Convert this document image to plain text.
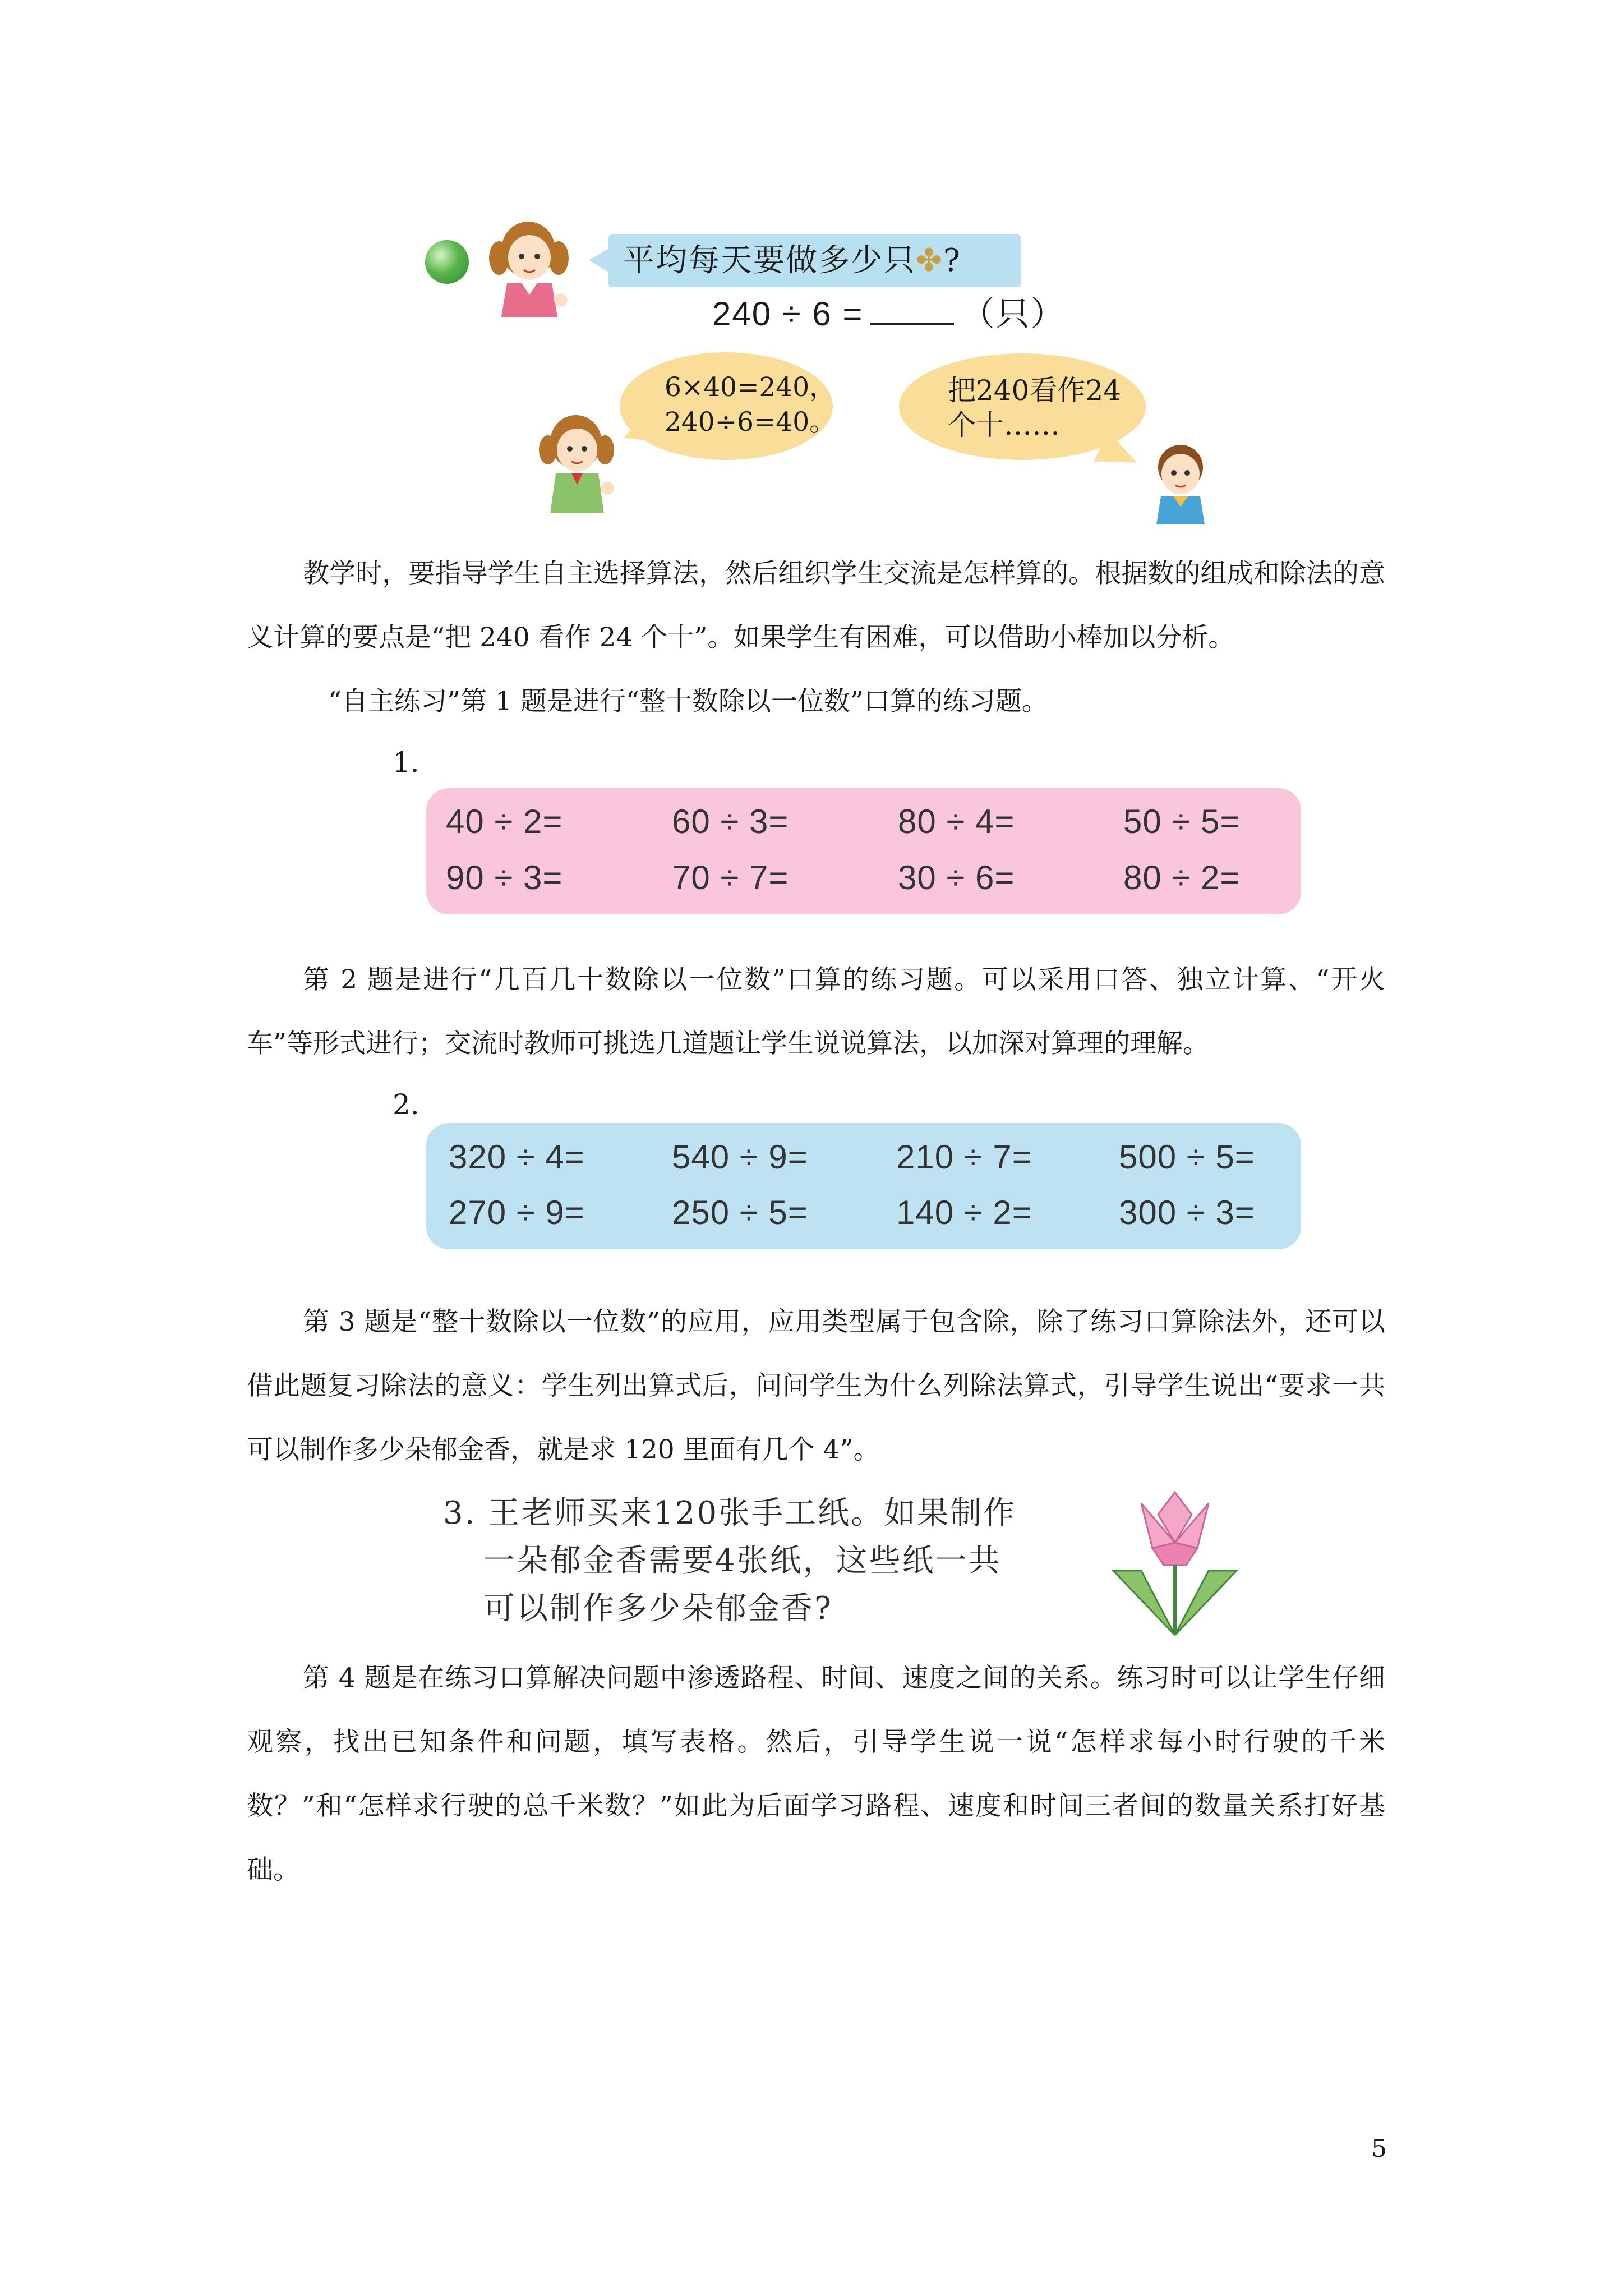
平均每天要做多少只✤?
240 ÷ 6 =	（只）
6×40=240，
240÷6=40。
把240看作24
个十……
教学时，要指导学生自主选择算法，然后组织学生交流是怎样算的。根据数的组成和除法的意义计算的要点是“把 240 看作 24 个十”。如果学生有困难，可以借助小棒加以分析。
“自主练习”第 1 题是进行“整十数除以一位数”口算的练习题。
1.
40 ÷ 2=	60 ÷ 3=	80 ÷ 4=	50 ÷ 5=
90 ÷ 3=	70 ÷ 7=	30 ÷ 6=	80 ÷ 2=
第 2 题是进行“几百几十数除以一位数”口算的练习题。可以采用口答、独立计算、“开火车”等形式进行；交流时教师可挑选几道题让学生说说算法，以加深对算理的理解。
2.
320 ÷ 4=	540 ÷ 9=	210 ÷ 7=	500 ÷ 5=
270 ÷ 9=	250 ÷ 5=	140 ÷ 2=	300 ÷ 3=
第 3 题是“整十数除以一位数”的应用，应用类型属于包含除，除了练习口算除法外，还可以借此题复习除法的意义：学生列出算式后，问问学生为什么列除法算式，引导学生说出“要求一共可以制作多少朵郁金香，就是求 120 里面有几个 4”。
3. 王老师买来120张手工纸。如果制作
一朵郁金香需要4张纸，这些纸一共
可以制作多少朵郁金香?
第 4 题是在练习口算解决问题中渗透路程、时间、速度之间的关系。练习时可以让学生仔细观察，找出已知条件和问题，填写表格。然后，引导学生说一说“怎样求每小时行驶的千米数？”和“怎样求行驶的总千米数？”如此为后面学习路程、速度和时间三者间的数量关系打好基础。
5
